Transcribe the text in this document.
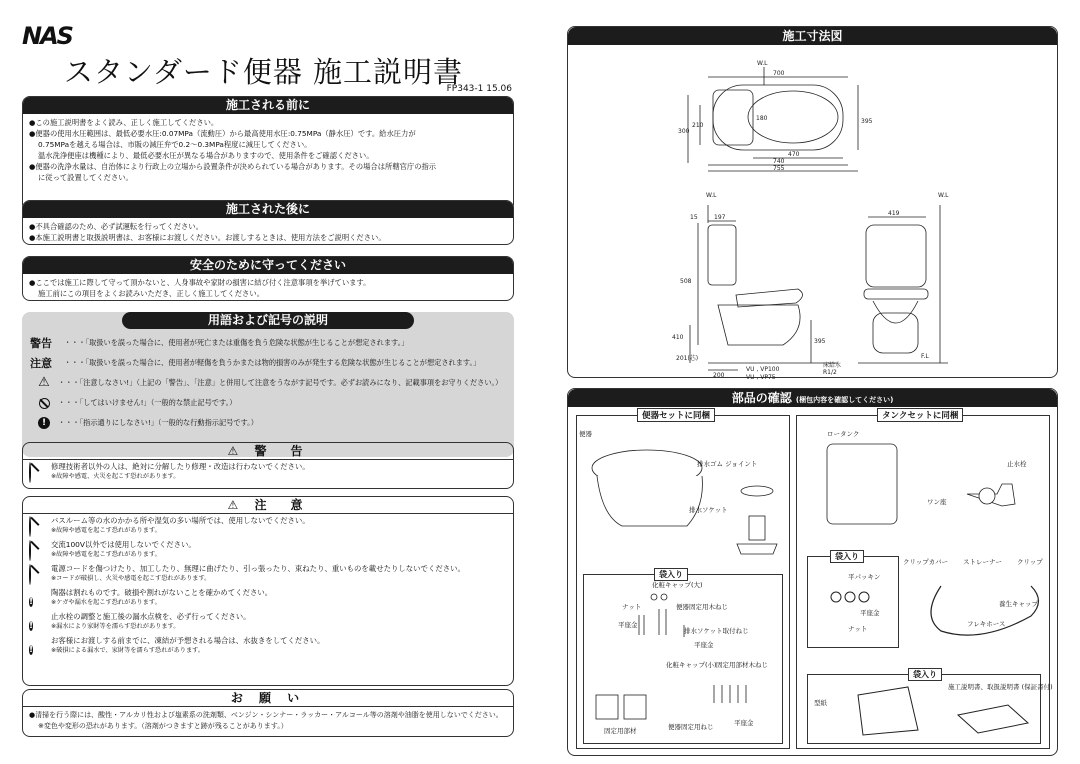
NAS
スタンダード便器 施工説明書
FP343-1 15.06
施工される前に
●この施工説明書をよく読み、正しく施工してください。
●便器の使用水圧範囲は、最低必要水圧:0.07MPa（流動圧）から最高使用水圧:0.75MPa（静水圧）です。給水圧力が
0.75MPaを越える場合は、市販の減圧弁で0.2〜0.3MPa程度に減圧してください。
温水洗浄便座は機種により、最低必要水圧が異なる場合がありますので、使用条件をご確認ください。
●便器の洗浄水量は、自治体により行政上の立場から設置条件が決められている場合があります。その場合は所轄官庁の指示
に従って設置してください。
施工された後に
●不具合確認のため、必ず試運転を行ってください。
●本施工説明書と取扱説明書は、お客様にお渡しください。お渡しするときは、使用方法をご説明ください。
安全のために守ってください
●ここでは施工に際して守って頂かないと、人身事故や家財の損害に結び付く注意事項を挙げています。
施工前にこの項目をよくお読みいただき、正しく施工してください。
用語および記号の説明
警告	・・・「取扱いを誤った場合に、使用者が死亡または重傷を負う危険な状態が生じることが想定されます。」
注意	・・・「取扱いを誤った場合に、使用者が軽傷を負うかまたは物的損害のみが発生する危険な状態が生じることが想定されます。」
⚠ ・・・「注意しなさい!」（上記の「警告」、「注意」と併用して注意をうながす記号です。必ずお読みになり、記載事項をお守りください。）
・・・「してはいけません!」（一般的な禁止記号です。）
!	・・・「指示通りにしなさい!」（一般的な行動指示記号です。）
⚠ 警　告
修理技術者以外の人は、絶対に分解したり修理・改造は行わないでください。
※故障や感電、火災を起こす恐れがあります。
⚠ 注　意
バスルーム等の水のかかる所や湿気の多い場所では、使用しないでください。
※故障や感電を起こす恐れがあります。
交流100V以外では使用しないでください。
※故障や感電を起こす恐れがあります。
電源コードを傷つけたり、加工したり、無理に曲げたり、引っ張ったり、束ねたり、重いものを載せたりしないでください。
※コードが破損し、火災や感電を起こす恐れがあります。
!
陶器は割れものです。破損や割れがないことを確かめてください。
※ケガや漏水を起こす恐れがあります。
!
止水栓の調整と施工後の漏水点検を、必ず行ってください。
※漏水により家財等を濡らす恐れがあります。
!
お客様にお渡しする前までに、凍結が予想される場合は、水抜きをしてください。
※破損による漏水で、家財等を濡らす恐れがあります。
お 願 い
●清掃を行う際には、酸性・アルカリ性および塩素系の洗剤類、ベンジン・シンナー・ラッカー・アルコール等の溶剤や油脂を使用しないでください。
※変色や変形の恐れがあります。（溶剤がつきますと跡が残ることがあります。）
施工寸法図
W.L
700
470
740
755
395
300
210
180
W.L
15	197
508
410
201(芯)
395
200	VU , VP75
VU , VP100
W.L
419
F.L
床給水
R1/2
部品の確認 (梱包内容を確認してください)
便器セットに同梱
便器
排水ゴム ジョイント
排水ソケット
袋入り
化粧キャップ(大)
ナット	便器固定用木ねじ
平座金
排水ソケット取付ねじ
平座金
化粧キャップ(小) 固定用部材木ねじ
固定用部材	便器固定用ねじ	平座金
タンクセットに同梱
ロータンク
止水栓
ワン座
袋入り
平パッキン
平座金
ナット
クリップカバー ストレーナー クリップ
養生キャップ
フレキホース
袋入り
型紙
施工説明書、取扱説明書 (保証書付)
